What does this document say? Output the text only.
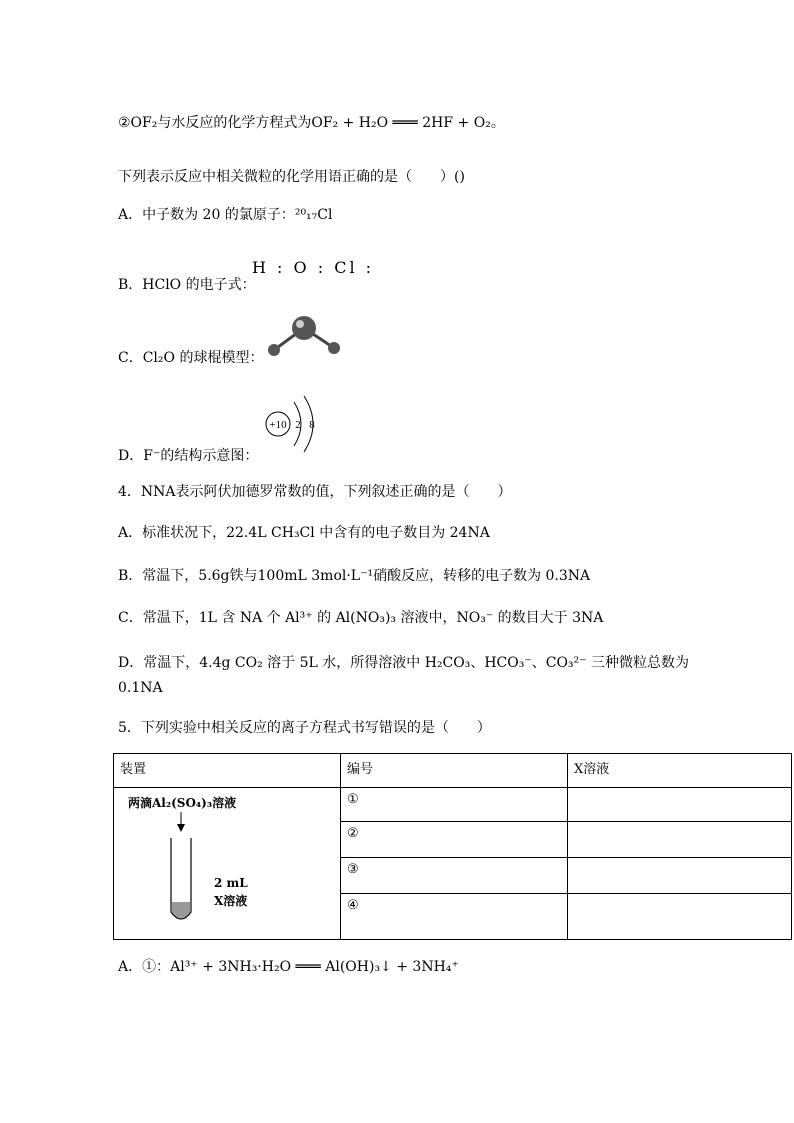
②OF₂与水反应的化学方程式为OF₂ + H₂O ═══ 2HF + O₂。
下列表示反应中相关微粒的化学用语正确的是（　　）()
A．中子数为 20 的氯原子：²⁰₁₇Cl
B．HClO 的电子式：
H : O : Cl :
C．Cl₂O 的球棍模型：
D．F⁻的结构示意图：
+10 2 8
4．NNA表示阿伏加德罗常数的值，下列叙述正确的是（　　）
A．标准状况下，22.4L CH₃Cl 中含有的电子数目为 24NA
B．常温下，5.6g铁与100mL 3mol·L⁻¹硝酸反应，转移的电子数为 0.3NA
C．常温下，1L 含 NA 个 Al³⁺ 的 Al(NO₃)₃ 溶液中，NO₃⁻ 的数目大于 3NA
D．常温下，4.4g CO₂ 溶于 5L 水，所得溶液中 H₂CO₃、HCO₃⁻、CO₃²⁻ 三种微粒总数为
0.1NA
5．下列实验中相关反应的离子方程式书写错误的是（　　）
装置	编号	X溶液

两滴Al₂(SO₄)₃溶液
2 mL
X溶液	①	
	②	
	③	
	④	
A．①：Al³⁺ + 3NH₃·H₂O ═══ Al(OH)₃↓ + 3NH₄⁺
